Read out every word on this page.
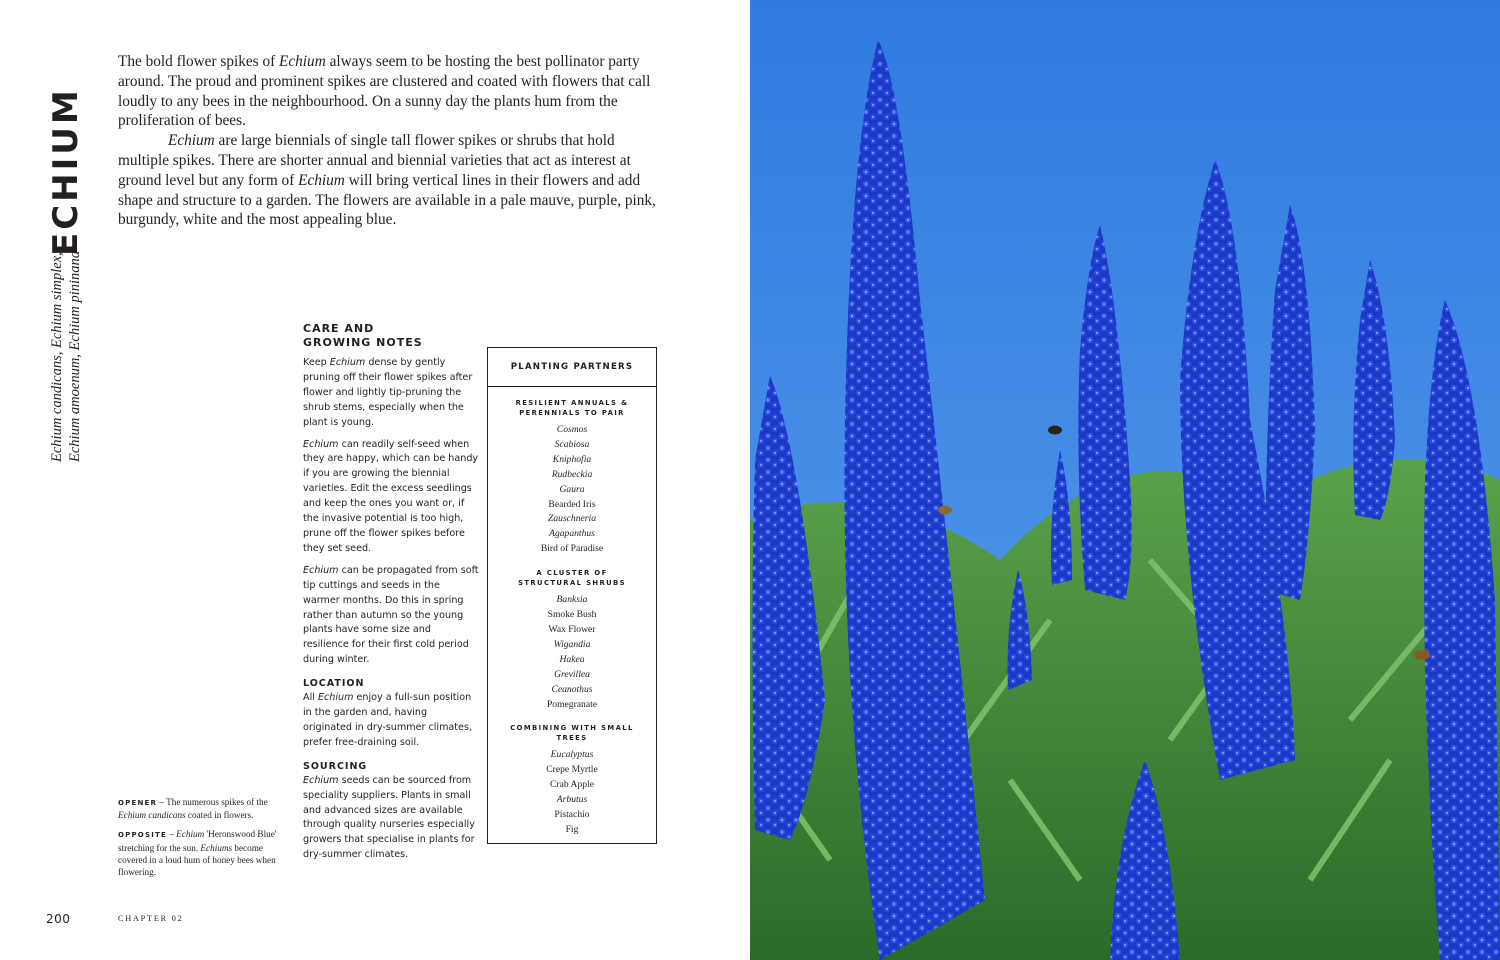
ECHIUM
Echium candicans, Echium simplex, Echium amoenum, Echium pininana

The bold flower spikes of Echium always seem to be hosting the best pollinator party around. The proud and prominent spikes are clustered and coated with flowers that call loudly to any bees in the neighbourhood. On a sunny day the plants hum from the proliferation of bees.

Echium are large biennials of single tall flower spikes or shrubs that hold multiple spikes. There are shorter annual and biennial varieties that act as interest at ground level but any form of Echium will bring vertical lines in their flowers and add shape and structure to a garden. The flowers are available in a pale mauve, purple, pink, burgundy, white and the most appealing blue.

CARE AND
GROWING NOTES

Keep Echium dense by gently pruning off their flower spikes after flower and lightly tip-pruning the shrub stems, especially when the plant is young.

Echium can readily self-seed when they are happy, which can be handy if you are growing the biennial varieties. Edit the excess seedlings and keep the ones you want or, if the invasive potential is too high, prune off the flower spikes before they set seed.

Echium can be propagated from soft tip cuttings and seeds in the warmer months. Do this in spring rather than autumn so the young plants have some size and resilience for their first cold period during winter.

LOCATION

All Echium enjoy a full-sun position in the garden and, having originated in dry-summer climates, prefer free-draining soil.

SOURCING

Echium seeds can be sourced from speciality suppliers. Plants in small and advanced sizes are available through quality nurseries especially growers that specialise in plants for dry-summer climates.

PLANTING PARTNERS
RESILIENT ANNUALS & PERENNIALS TO PAIR
Cosmos
Scabiosa
Kniphofia
Rudbeckia
Gaura
Bearded Iris
Zauschneria
Agapanthus
Bird of Paradise
A CLUSTER OF STRUCTURAL SHRUBS
Banksia
Smoke Bush
Wax Flower
Wigandia
Hakea
Grevillea
Ceanothus
Pomegranate
COMBINING WITH SMALL TREES
Eucalyptus
Crepe Myrtle
Crab Apple
Arbutus
Pistachio
Fig

OPENER – The numerous spikes of the Echium candicans coated in flowers.

OPPOSITE – Echium 'Heronswood Blue' stretching for the sun. Echiums become covered in a loud hum of honey bees when flowering.

200	CHAPTER 02
